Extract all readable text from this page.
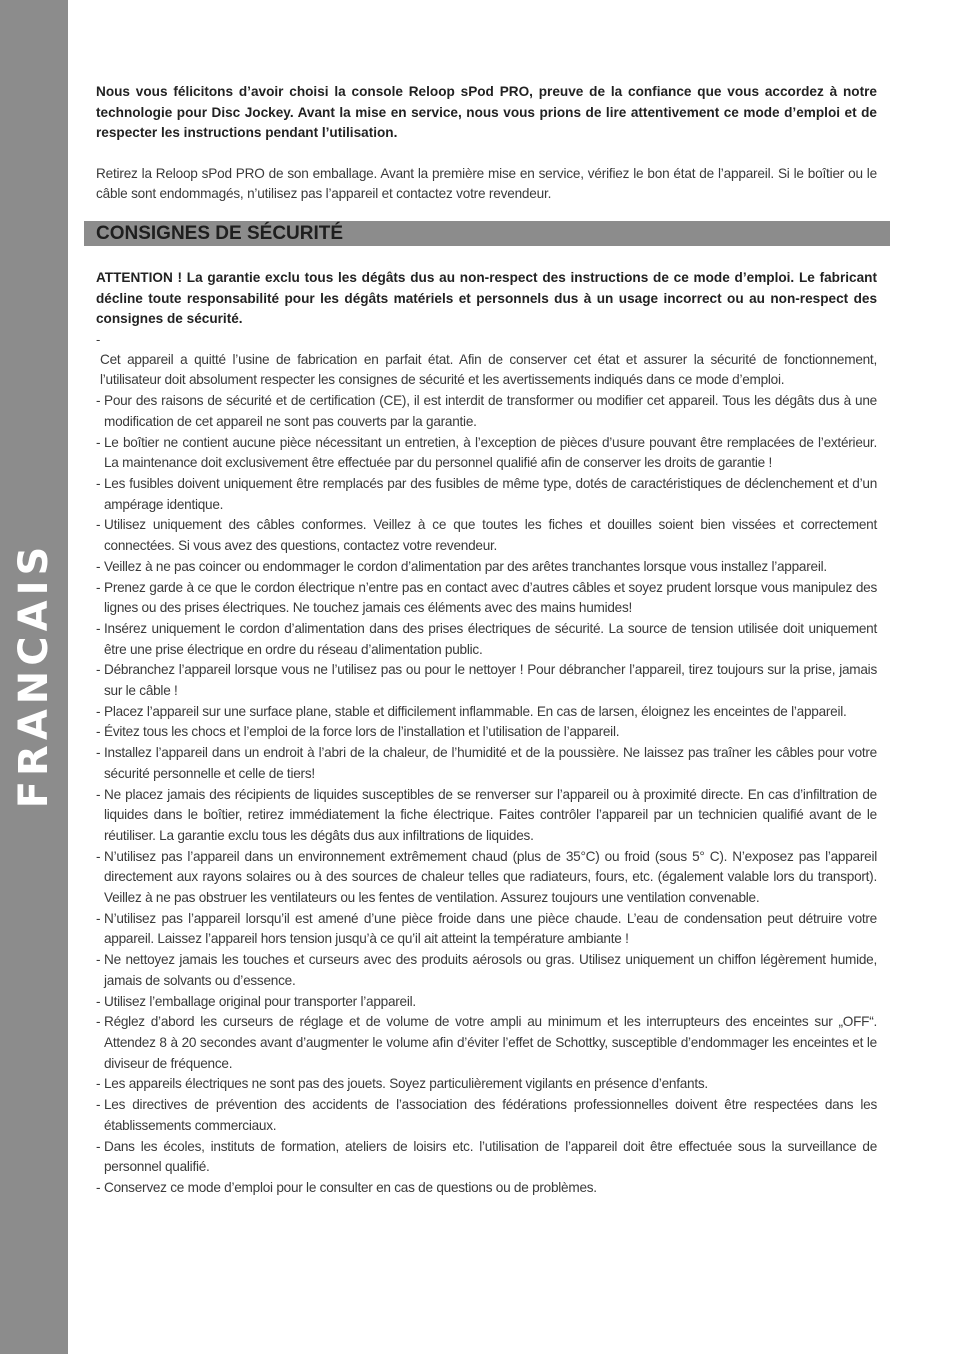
FRANCAIS

Nous vous félicitons d’avoir choisi la console Reloop sPod PRO, preuve de la confiance que vous accordez à notre technologie pour Disc Jockey. Avant la mise en service, nous vous prions de lire attentivement ce mode d’emploi et de respecter les instructions pendant l’utilisation.

Retirez la Reloop sPod PRO de son emballage. Avant la première mise en service, vérifiez le bon état de l’appareil. Si le boîtier ou le câble sont endommagés, n’utilisez pas l’appareil et contactez votre revendeur.

CONSIGNES DE SÉCURITÉ

ATTENTION ! La garantie exclu tous les dégâts dus au non-respect des instructions de ce mode d’emploi. Le fabricant décline toute responsabilité pour les dégâts matériels et personnels dus à un usage incorrect ou au non-respect des consignes de sécurité.

-

Cet appareil a quitté l’usine de fabrication en parfait état. Afin de conserver cet état et assurer la sécurité de fonctionnement, l’utilisateur doit absolument respecter les consignes de sécurité et les avertissements indiqués dans ce mode d’emploi.
- Pour des raisons de sécurité et de certification (CE), il est interdit de transformer ou modifier cet appareil. Tous les dégâts dus à une modification de cet appareil ne sont pas couverts par la garantie.
- Le boîtier ne contient aucune pièce nécessitant un entretien, à l’exception de pièces d’usure pouvant être remplacées de l’extérieur. La maintenance doit exclusivement être effectuée par du personnel qualifié afin de conserver les droits de garantie !
- Les fusibles doivent uniquement être remplacés par des fusibles de même type, dotés de caractéristiques de déclenchement et d’un ampérage identique.
- Utilisez uniquement des câbles conformes. Veillez à ce que toutes les fiches et douilles soient bien vissées et correctement connectées. Si vous avez des questions, contactez votre revendeur.
- Veillez à ne pas coincer ou endommager le cordon d’alimentation par des arêtes tranchantes lorsque vous installez l’appareil.
- Prenez garde à ce que le cordon électrique n’entre pas en contact avec d’autres câbles et soyez prudent lorsque vous manipulez des lignes ou des prises électriques. Ne touchez jamais ces éléments avec des mains humides!
- Insérez uniquement le cordon d’alimentation dans des prises électriques de sécurité. La source de tension utilisée doit uniquement être une prise électrique en ordre du réseau d’alimentation public.
- Débranchez l’appareil lorsque vous ne l’utilisez pas ou pour le nettoyer ! Pour débrancher l’appareil, tirez toujours sur la prise, jamais sur le câble !
- Placez l’appareil sur une surface plane, stable et difficilement inflammable. En cas de larsen, éloignez les enceintes de l’appareil.
- Évitez tous les chocs et l’emploi de la force lors de l’installation et l’utilisation de l’appareil.
- Installez l’appareil dans un endroit à l’abri de la chaleur, de l’humidité et de la poussière. Ne laissez pas traîner les câbles pour votre sécurité personnelle et celle de tiers!
- Ne placez jamais des récipients de liquides susceptibles de se renverser sur l’appareil ou à proximité directe. En cas d’infiltration de liquides dans le boîtier, retirez immédiatement la fiche électrique. Faites contrôler l’appareil par un technicien qualifié avant de le réutiliser. La garantie exclu tous les dégâts dus aux infiltrations de liquides.
- N’utilisez pas l’appareil dans un environnement extrêmement chaud (plus de 35°C) ou froid (sous 5° C). N’exposez pas l’appareil directement aux rayons solaires ou à des sources de chaleur telles que radiateurs, fours, etc. (également valable lors du transport). Veillez à ne pas obstruer les ventilateurs ou les fentes de ventilation. Assurez toujours une ventilation convenable.
- N’utilisez pas l’appareil lorsqu’il est amené d’une pièce froide dans une pièce chaude. L’eau de condensation peut détruire votre appareil. Laissez l’appareil hors tension jusqu’à ce qu’il ait atteint la température ambiante !
- Ne nettoyez jamais les touches et curseurs avec des produits aérosols ou gras. Utilisez uniquement un chiffon légèrement humide, jamais de solvants ou d’essence.
- Utilisez l’emballage original pour transporter l’appareil.
- Réglez d’abord les curseurs de réglage et de volume de votre ampli au minimum et les interrupteurs des enceintes sur „OFF“. Attendez 8 à 20 secondes avant d’augmenter le volume afin d’éviter l’effet de Schottky, susceptible d’endommager les enceintes et le diviseur de fréquence.
- Les appareils électriques ne sont pas des jouets. Soyez particulièrement vigilants en présence d’enfants.
- Les directives de prévention des accidents de l’association des fédérations professionnelles doivent être respectées dans les établissements commerciaux.
- Dans les écoles, instituts de formation, ateliers de loisirs etc. l’utilisation de l’appareil doit être effectuée sous la surveillance de personnel qualifié.
- Conservez ce mode d’emploi pour le consulter en cas de questions ou de problèmes.
